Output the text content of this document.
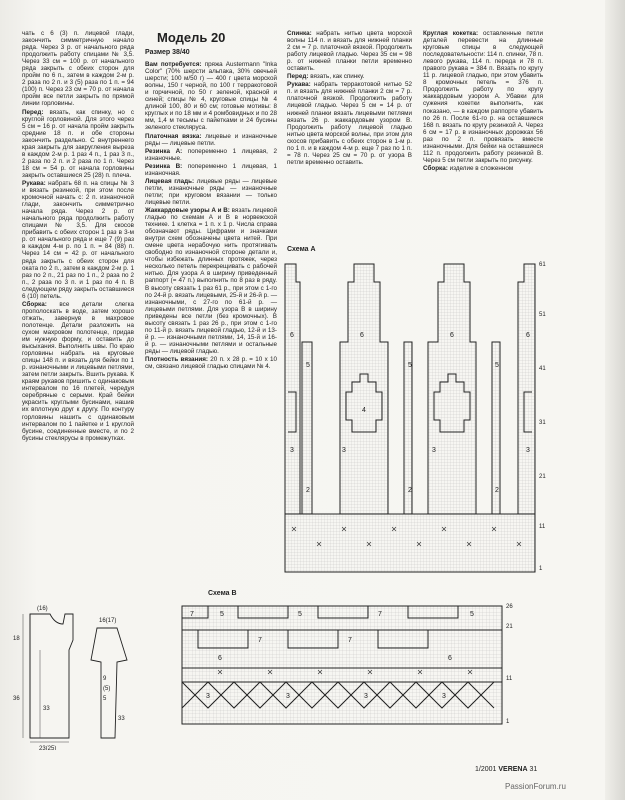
чать с 6 (3) п. лицевой глади, закончить симметричную начало ряда. Через 3 р. от начального ряда продолжить работу спицами № 3,5. Через 33 см = 100 р. от начального ряда закрыть с обеих сторон для пройм по 6 п., затем в каждом 2-м р. 2 раза по 2 п. и 3 (5) раза по 1 п. = 94 (100) п. Через 23 см = 70 р. от начала пройм все петли закрыть по прямой линии горловины.

Перед: вязать, как спинку, но с круглой горловиной. Для этого через 5 см = 16 р. от начала пройм закрыть средние 18 п. и обе стороны закончить раздельно. С внутреннего края закрыть для закругления выреза в каждом 2-м р. 1 раз 4 п., 1 раз 3 п., 2 раза по 2 п. и 2 раза по 1 п. Через 18 см = 54 р. от начала горловины закрыть оставшиеся 25 (28) п. плеча.

Рукава: набрать 68 п. на спицы № 3 и вязать резинкой, при этом после кромочной начать с: 2 п. изнаночной глади, закончить симметрично начала ряда. Через 2 р. от начального ряда продолжить работу спицами № 3,5. Для скосов прибавить с обеих сторон 1 раз в 3-м р. от начального ряда и еще 7 (9) раз в каждом 4-м р. по 1 п. = 84 (88) п. Через 14 см = 42 р. от начального ряда закрыть с обеих сторон для оката по 2 п., затем в каждом 2-м р. 1 раз по 2 п., 21 раз по 1 п., 2 раза по 2 п., 2 раза по 3 п. и 1 раз по 4 п. В следующем ряду закрыть оставшиеся 6 (10) петель.

Сборка: все детали слегка прополоскать в воде, затем хорошо отжать, завернув в махровое полотенце. Детали разложить на сухом махровом полотенце, придав им нужную форму, и оставить до высыхания. Выполнить швы. По краю горловины набрать на круговые спицы 148 п. и вязать для бейки по 1 р. изнаночными и лицевыми петлями, затем петли закрыть. Вшить рукава. К краям рукавов пришить с одинаковым интервалом по 16 плетей, чередуя серебряные с серыми. Край бейки украсить круглыми бусинами, нашив их вплотную друг к другу. По контуру горловины нашить с одинаковым интервалом по 1 пайетке и 1 круглой бусине, соединенные вместе, и по 2 бусины стеклярусы в промежутках.

Модель 20
Размер 38/40

Вам потребуется: пряжа Austermann "Inka Color" (70% шерсти альпака, 30% овечьей шерсти; 100 м/50 г) — 400 г цвета морской волны, 150 г черной, по 100 г терракотовой и горчичной, по 50 г зеленой, красной и синей; спицы № 4, круговые спицы № 4 длиной 100, 80 и 60 см; готовые мотивы: 8 круглых и по 18 мм и 4 ромбовидных и по 28 мм, 1,4 м тесьмы с пайетками и 24 бусины зеленого стекляруса.

Платочная вязка: лицевые и изнаночные ряды — лицевые петли.

Резинка А: попеременно 1 лицевая, 2 изнаночные.

Резинка В: попеременно 1 лицевая, 1 изнаночная.

Лицевая гладь: лицевые ряды — лицевые петли, изнаночные ряды — изнаночные петли; при круговом вязании — только лицевые петли.

Жаккардовые узоры А и В: вязать лицевой гладью по схемам А и В в норвежской технике. 1 клетка = 1 п. х 1 р. Числа справа обозначают ряды. Цифрами и значками внутри схем обозначены цвета нитей. При смене цвета нерабочую нить протягивать свободно по изнаночной стороне детали и, чтобы избежать длинных протяжек, через несколько петель перекрещивать с рабочей нитью. Для узора А в ширину приведенный раппорт (= 47 п.) выполнить по 8 раз в ряду. В высоту связать 1 раз 61 р., при этом с 1-го по 24-й р. вязать лицевыми, 25-й и 26-й р. — изнаночными, с 27-го по 61-й р. — лицевыми петлями. Для узора В в ширину приведены все петли (без кромочных). В высоту связать 1 раз 26 р., при этом с 1-го по 11-й р. вязать лицевой гладью, 12-й и 13-й р. — изнаночными петлями, 14, 15-й и 16-й р. — изнаночными петлями и остальные ряды — лицевой гладью.

Плотность вязания: 20 п. х 28 р. = 10 х 10 см, связано лицевой гладью спицами № 4.

Спинка: набрать нитью цвета морской волны 114 п. и вязать для нижней планки 2 см = 7 р. платочной вязкой. Продолжить работу лицевой гладью. Через 35 см = 98 р. от нижней планки петли временно оставить.

Перед: вязать, как спинку.

Рукава: набрать терракотовой нитью 52 п. и вязать для нижней планки 2 см = 7 р. платочной вязкой. Продолжить работу лицевой гладью. Через 5 см = 14 р. от нижней планки вязать лицевыми петлями вязать 26 р. жаккардовым узором В. Продолжить работу лицевой гладью нитью цвета морской волны, при этом для скосов прибавить с обеих сторон в 1-м р. по 1 п. и в каждом 4-м р. еще 7 раз по 1 п. = 78 п. Через 25 см = 70 р. от узора В петли временно оставить.

Круглая кокетка: оставленные петли деталей перевести на длинные круговые спицы в следующей последовательности: 114 п. спинки, 78 п. левого рукава, 114 п. переда и 78 п. правого рукава = 384 п. Вязать по кругу 11 р. лицевой гладью, при этом убавить 8 кромочных петель = 376 п. Продолжить работу по кругу жаккардовым узором А. Убавки для сужения кокетки выполнить, как показано, — в каждом раппорте убавить по 26 п. После 61-го р. на оставшиеся 168 п. вязать по кругу резинкой А. Через 6 см = 17 р. в изнаночных дорожках 56 раз по 2 п. провязать вместе изнаночными. Для бейки на оставшиеся 112 п. продолжить работу резинкой В. Через 5 см петли закрыть по рисунку.

Сборка: изделие в сложенном

Схема А
6	6	6	6
5	5	5
4
3	3	3	3
2	2	2
61
51
41
31
21
11
1
Схема В
7	5	5	7	5
7	7
6	6
3	3	3	3
26
21
11
1
(16)
18
36
33
23(25)
16(17)
9
(5)
5
33
1/2001 VERENA 31
PassionForum.ru
